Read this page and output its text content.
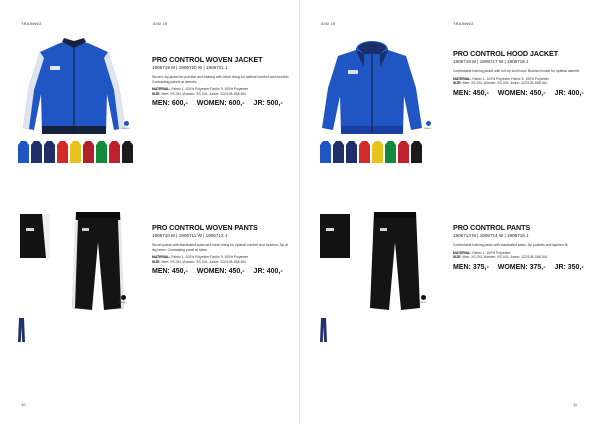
TRAINING	A/W 19
346000
PRO CONTROL WOVEN JACKET
1906719 M | 1906720 W | 1906721 J
Woven, zip jacket for practice and training with mesh lining for optimal comfort and function. Contrasting panels at sleeves.
MATERIAL: Fabric 1: 100% Polyester Fabric 3: 100% Polyester
SIZE: Men: XS-3XL Women: XS-XXL Junior: 122/128-158/164
MEN: 600,- WOMEN: 600,- JR: 500,-
999000
PRO CONTROL WOVEN PANTS
1906710 M | 1906711 W | 1906712 J
Woven pants with elasticated waist and mesh lining for optimal comfort and function. Zip at leg hems. Contrasting panel at sides.
MATERIAL: Fabric 1: 100% Polyester Fabric 3: 100% Polyester
SIZE: Men: XS-3XL Women: XS-XXL Junior: 122/128-158/164
MEN: 450,- WOMEN: 450,- JR: 400,-
10
A/W 19	TRAINING
346000
PRO CONTROL HOOD JACKET
1906716 M | 1906717 W | 1906718 J
Comfortable training jacket with full zip and hood. Brushed inside for optimal warmth.
MATERIAL: Fabric 1: 100% Polyester Fabric 3: 100% Polyester
SIZE: Men: XS-3XL Women: XS-XXL Junior: 122/128-158/164
MEN: 450,- WOMEN: 450,- JR: 400,-
999000
PRO CONTROL PANTS
1906713 M | 1906714 W | 1906715 J
Comfortable training pants with elasticated waist. Zip pockets and tapered fit.
MATERIAL: Fabric 1: 100% Polyester
SIZE: Men: XS-3XL Women: XS-XXL Junior: 122/128-158/164
MEN: 375,- WOMEN: 375,- JR: 350,-
11
